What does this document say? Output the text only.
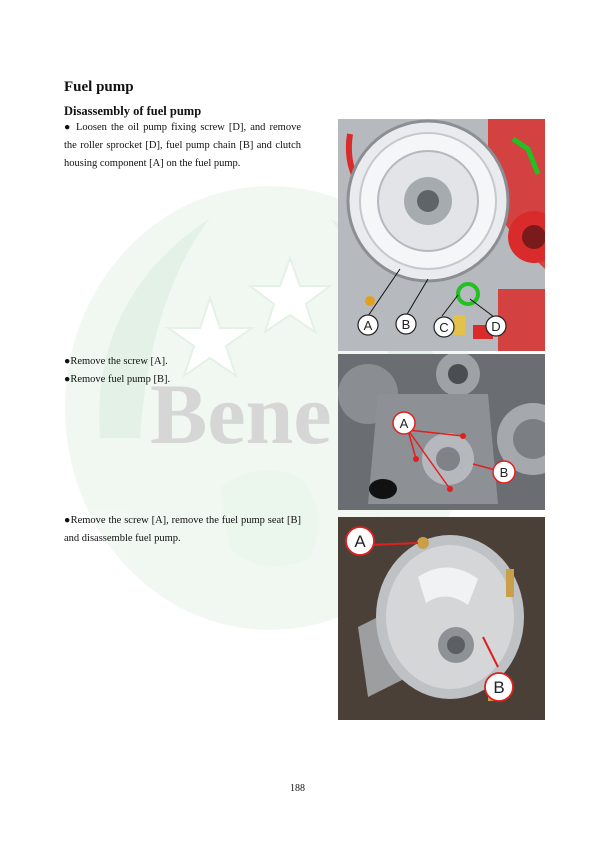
Bene
Fuel pump
Disassembly of fuel pump

● Loosen the oil pump fixing screw [D], and remove the roller sprocket [D], fuel pump chain [B] and clutch housing component [A] on the fuel pump.

A B C	D

●Remove the screw [A].
●Remove fuel pump [B].

A
B

●Remove the screw [A], remove the fuel pump seat [B] and disassemble fuel pump.	A
B
188
